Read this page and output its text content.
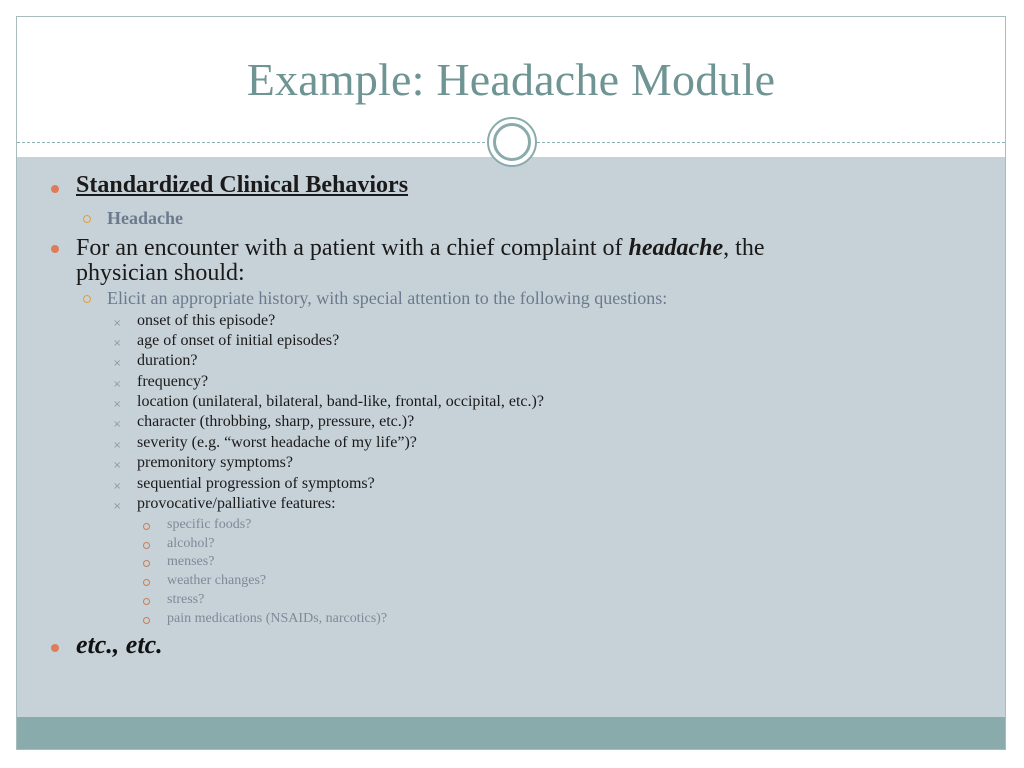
Example: Headache Module
Standardized Clinical Behaviors
Headache
For an encounter with a patient with a chief complaint of headache, the
physician should:
Elicit an appropriate history, with special attention to the following questions:
× onset of this episode?
× age of onset of initial episodes?
× duration?
× frequency?
× location (unilateral, bilateral, band-like, frontal, occipital, etc.)?
× character (throbbing, sharp, pressure, etc.)?
× severity (e.g. “worst headache of my life”)?
× premonitory symptoms?
× sequential progression of symptoms?
× provocative/palliative features:
specific foods?
alcohol?
menses?
weather changes?
stress?
pain medications (NSAIDs, narcotics)?
etc., etc.
